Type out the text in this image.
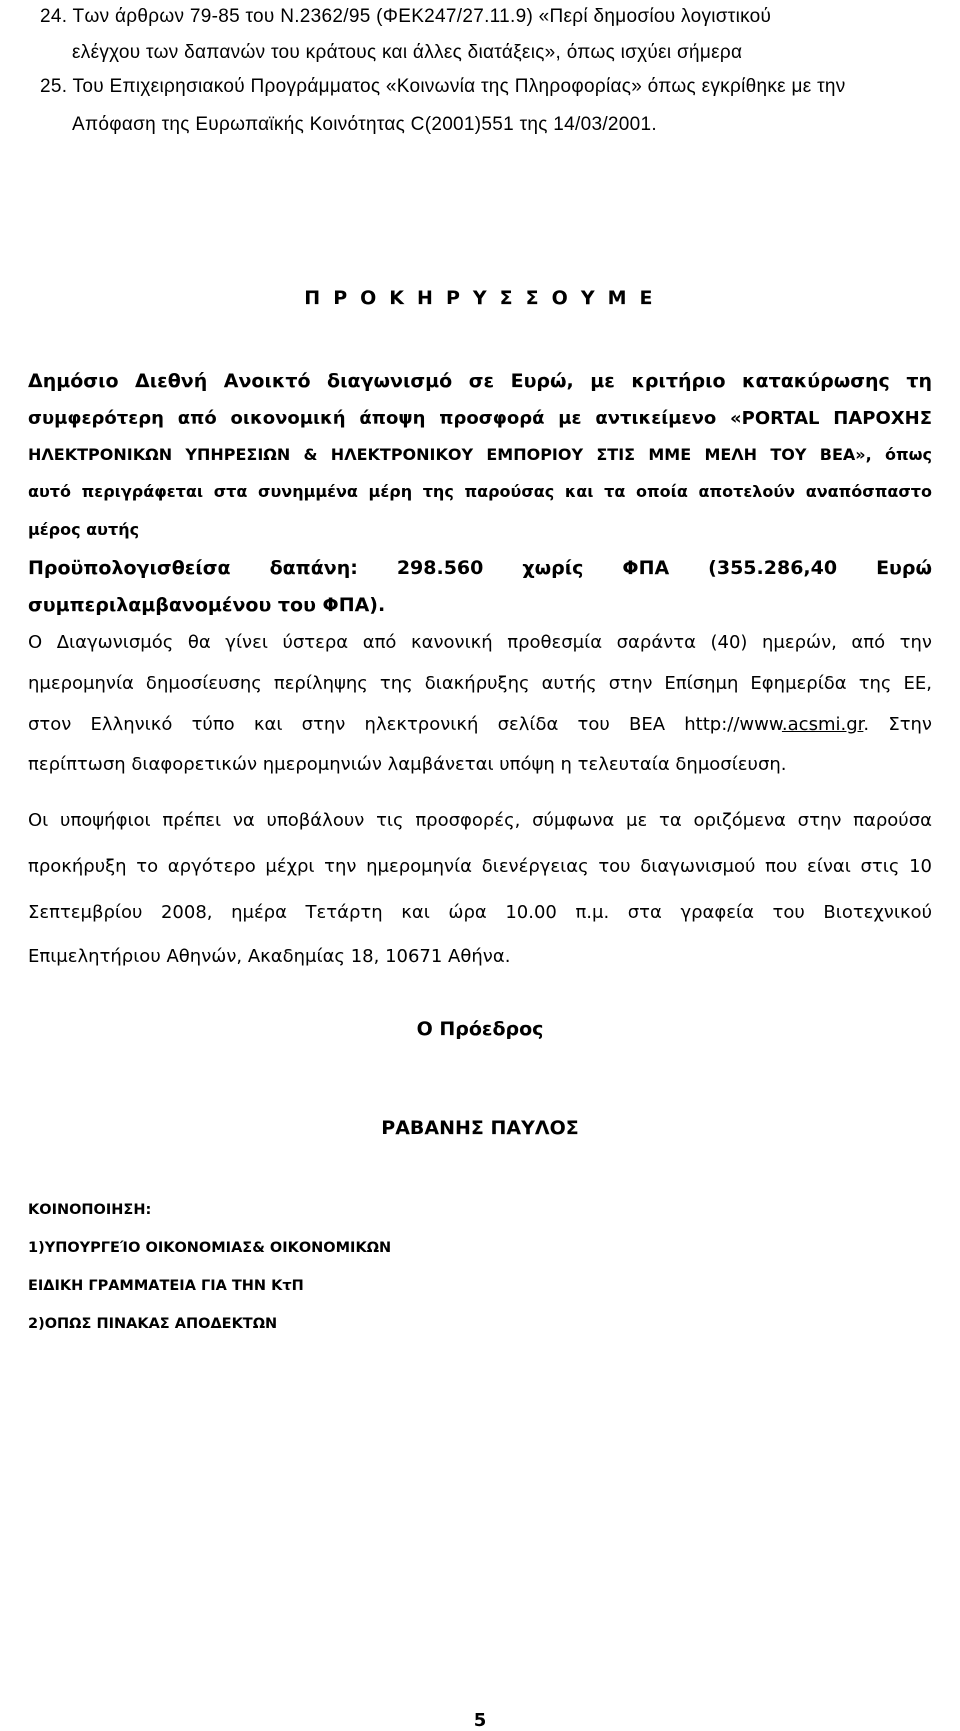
24. Των άρθρων 79-85 του Ν.2362/95 (ΦΕΚ247/27.11.9) «Περί δημοσίου λογιστικού
ελέγχου των δαπανών του κράτους και άλλες διατάξεις», όπως ισχύει σήμερα
25. Του Επιχειρησιακού Προγράμματος «Κοινωνία της Πληροφορίας» όπως εγκρίθηκε με την
Απόφαση της Ευρωπαϊκής Κοινότητας C(2001)551 της 14/03/2001.
Π Ρ Ο Κ Η Ρ Υ Σ Σ Ο Υ Μ Ε
Δημόσιο Διεθνή Ανοικτό διαγωνισμό σε Ευρώ, με κριτήριο κατακύρωσης τη
συμφερότερη από οικονομική άποψη προσφορά με αντικείμενο «PORTAL ΠΑΡΟΧΗΣ
ΗΛΕΚΤΡΟΝΙΚΩΝ ΥΠΗΡΕΣΙΩΝ & ΗΛΕΚΤΡΟΝΙΚΟΥ ΕΜΠΟΡΙΟΥ ΣΤΙΣ ΜΜΕ ΜΕΛΗ ΤΟΥ ΒΕΑ», όπως
αυτό περιγράφεται στα συνημμένα μέρη της παρούσας και τα οποία αποτελούν αναπόσπαστο
μέρος αυτής
Προϋπολογισθείσα δαπάνη: 298.560 χωρίς ΦΠΑ (355.286,40 Ευρώ
συμπεριλαμβανομένου του ΦΠΑ).
Ο Διαγωνισμός θα γίνει ύστερα από κανονική προθεσμία σαράντα (40) ημερών, από την
ημερομηνία δημοσίευσης περίληψης της διακήρυξης αυτής στην Επίσημη Εφημερίδα της ΕΕ,
στον Ελληνικό τύπο και στην ηλεκτρονική σελίδα του ΒΕΑ http://www.acsmi.gr. Στην
περίπτωση διαφορετικών ημερομηνιών λαμβάνεται υπόψη η τελευταία δημοσίευση.
Οι υποψήφιοι πρέπει να υποβάλουν τις προσφορές, σύμφωνα με τα οριζόμενα στην παρούσα
προκήρυξη το αργότερο μέχρι την ημερομηνία διενέργειας του διαγωνισμού που είναι στις 10
Σεπτεμβρίου 2008, ημέρα Τετάρτη και ώρα 10.00 π.μ. στα γραφεία του Βιοτεχνικού
Επιμελητήριου Αθηνών, Ακαδημίας 18, 10671 Αθήνα.
Ο Πρόεδρος
ΡΑΒΑΝΗΣ ΠΑΥΛΟΣ
ΚΟΙΝΟΠΟΙΗΣΗ:
1)ΥΠΟΥΡΓΕΊΟ ΟΙΚΟΝΟΜΙΑΣ& ΟΙΚΟΝΟΜΙΚΩΝ
ΕΙΔΙΚΗ ΓΡΑΜΜΑΤΕΙΑ ΓΙΑ ΤΗΝ ΚτΠ
2)ΟΠΩΣ ΠΙΝΑΚΑΣ ΑΠΟΔΕΚΤΩΝ
5
